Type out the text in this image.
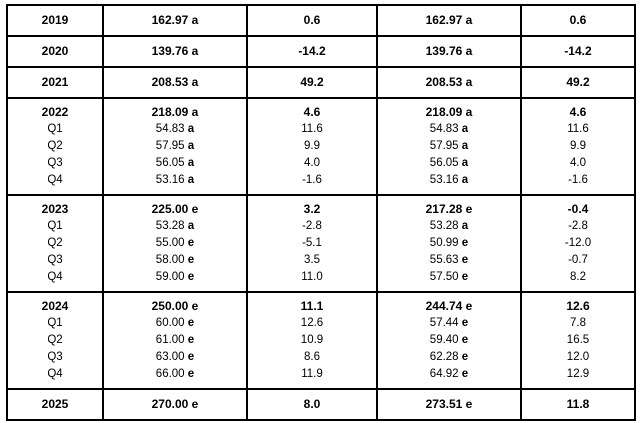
2019	162.97 a	0.6	162.97 a	0.6
2020	139.76 a	-14.2	139.76 a	-14.2
2021	208.53 a	49.2	208.53 a	49.2
2022	218.09 a	4.6	218.09 a	4.6
Q1	54.83 a	11.6	54.83 a	11.6
Q2	57.95 a	9.9	57.95 a	9.9
Q3	56.05 a	4.0	56.05 a	4.0
Q4	53.16 a	-1.6	53.16 a	-1.6
2023	225.00 e	3.2	217.28 e	-0.4
Q1	53.28 a	-2.8	53.28 a	-2.8
Q2	55.00 e	-5.1	50.99 e	-12.0
Q3	58.00 e	3.5	55.63 e	-0.7
Q4	59.00 e	11.0	57.50 e	8.2
2024	250.00 e	11.1	244.74 e	12.6
Q1	60.00 e	12.6	57.44 e	7.8
Q2	61.00 e	10.9	59.40 e	16.5
Q3	63.00 e	8.6	62.28 e	12.0
Q4	66.00 e	11.9	64.92 e	12.9
2025	270.00 e	8.0	273.51 e	11.8
